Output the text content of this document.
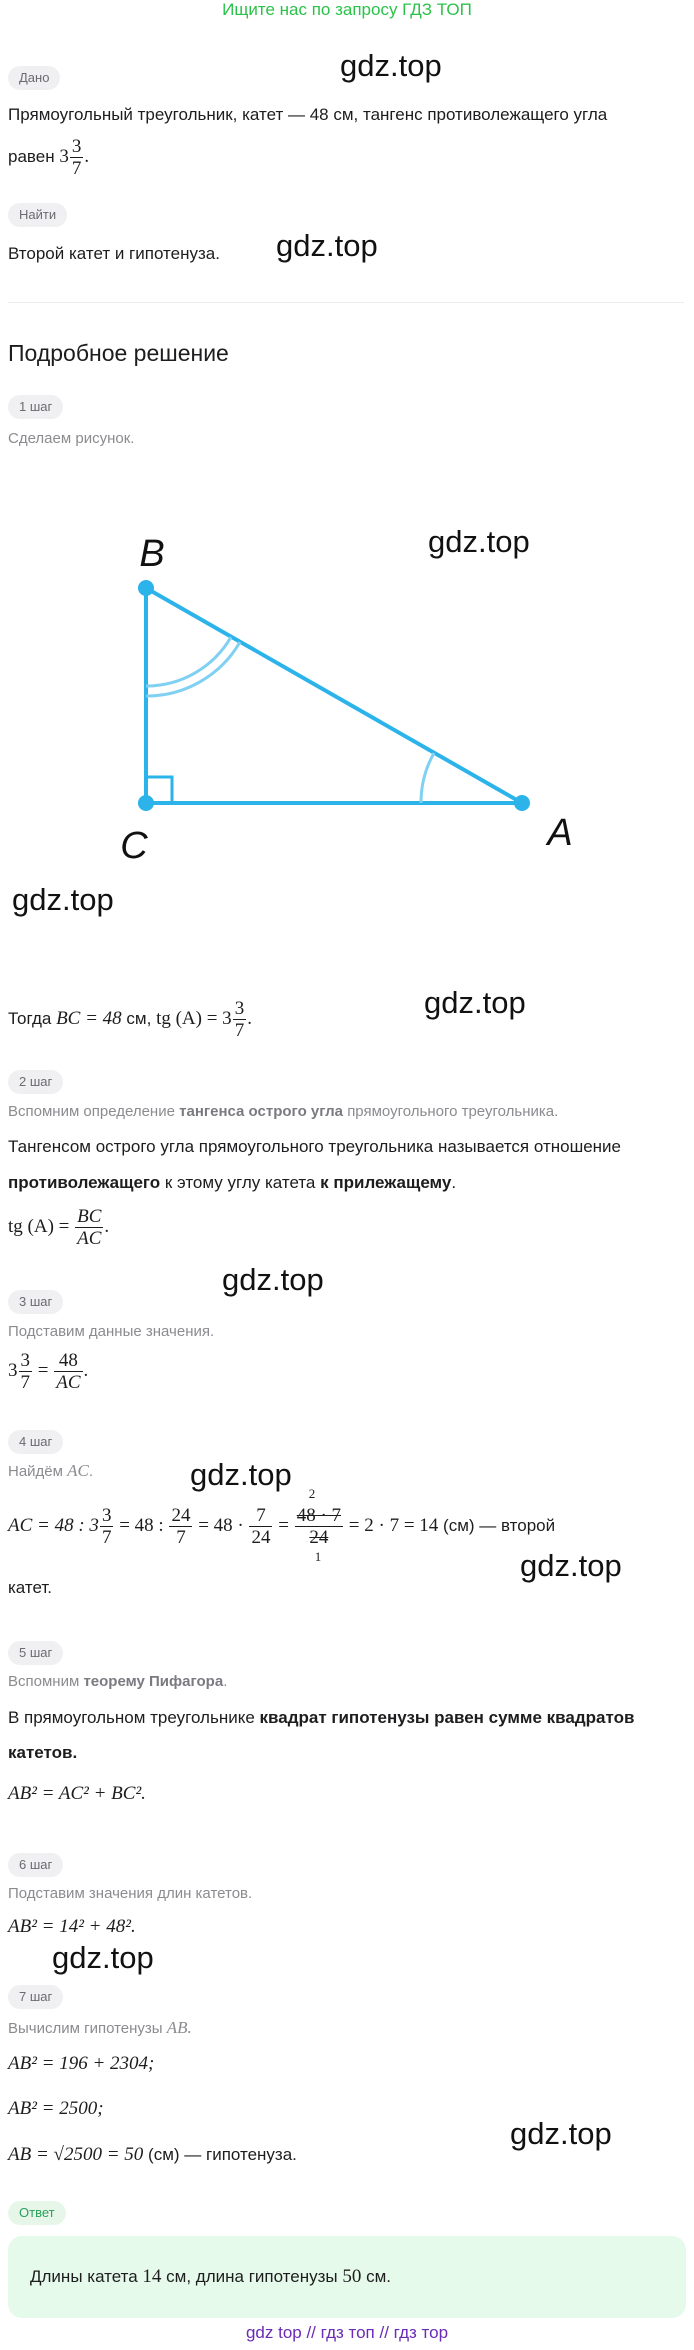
Ищите нас по запросу ГДЗ ТОП
Дано	gdz.top
Прямоугольный треугольник, катет — 48 см, тангенс противолежащего угла
равен $3 \frac{3}{7}$ .
Найти
gdz.top
Второй катет и гипотенуза.
Подробное решение
1 шаг
Сделаем рисунок.
gdz.top
B
C	A
gdz.top
gdz.top
Тогда BC = 48 см, tg $(A) = 3 \frac{3}{7}$ .
2 шаг
Вспомним определение тангенса острого угла прямоугольного треугольника.
Тангенсом острого угла прямоугольного треугольника называется отношение
противолежащего к этому углу катета к прилежащему.
tg $(A) = \frac{BC}{AC}$ .
gdz.top
3 шаг
Подставим данные значения.
$3 \frac{3}{7} = \frac{48}{AC}$ .
4 шаг
Найдём AC.	gdz.top
AC = 48 : $3 \frac{3}{7} = 48$ : $\frac{24}{7} = 48 \cdot \frac{7}{24} = 48 \cdot 7$
24
2
1
= 2 · 7 = 14 (см) — второй
катет.
gdz.top
5 шаг
Вспомним теорему Пифагора.
В прямоугольном треугольнике квадрат гипотенузы равен сумме квадратов
катетов.
AB² = AC² + BC².
6 шаг
Подставим значения длин катетов.
AB² = 14² + 48².
gdz.top
7 шаг
Вычислим гипотенузы AB.
AB² = 196 + 2304;
AB² = 2500;
gdz.top
AB = √2500 = 50 (см) — гипотенуза.
Ответ
Длины катета 14 см, длина гипотенузы 50 см.
gdz top // гдз топ // гдз тор
